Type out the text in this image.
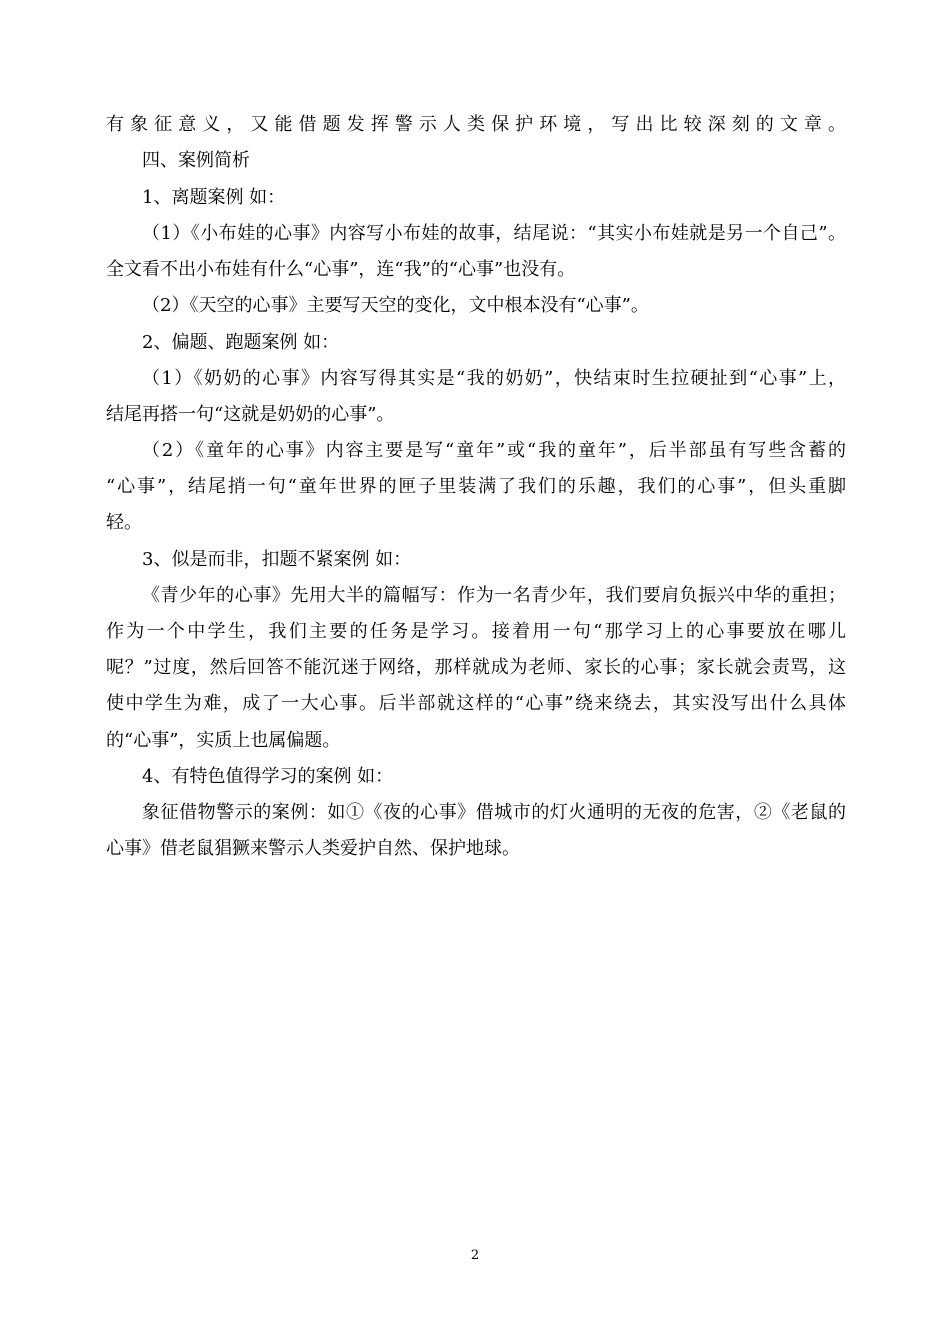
有象征意义，又能借题发挥警示人类保护环境，写出比较深刻的文章。
四、案例简析
1、离题案例 如：
（1）《小布娃的心事》内容写小布娃的故事，结尾说：“其实小布娃就是另一个自己”。
全文看不出小布娃有什么“心事”，连“我”的“心事”也没有。
（2）《天空的心事》主要写天空的变化，文中根本没有“心事”。
2、偏题、跑题案例 如：
（1）《奶奶的心事》内容写得其实是“我的奶奶”，快结束时生拉硬扯到“心事”上，
结尾再搭一句“这就是奶奶的心事”。
（2）《童年的心事》内容主要是写“童年”或“我的童年”，后半部虽有写些含蓄的
“心事”，结尾捎一句“童年世界的匣子里装满了我们的乐趣，我们的心事”，但头重脚
轻。
3、似是而非，扣题不紧案例 如：
《青少年的心事》先用大半的篇幅写：作为一名青少年，我们要肩负振兴中华的重担；
作为一个中学生，我们主要的任务是学习。接着用一句“那学习上的心事要放在哪儿
呢？”过度，然后回答不能沉迷于网络，那样就成为老师、家长的心事；家长就会责骂，这
使中学生为难，成了一大心事。后半部就这样的“心事”绕来绕去，其实没写出什么具体
的“心事”，实质上也属偏题。
4、有特色值得学习的案例 如：
象征借物警示的案例：如①《夜的心事》借城市的灯火通明的无夜的危害，②《老鼠的
心事》借老鼠猖獗来警示人类爱护自然、保护地球。
2
